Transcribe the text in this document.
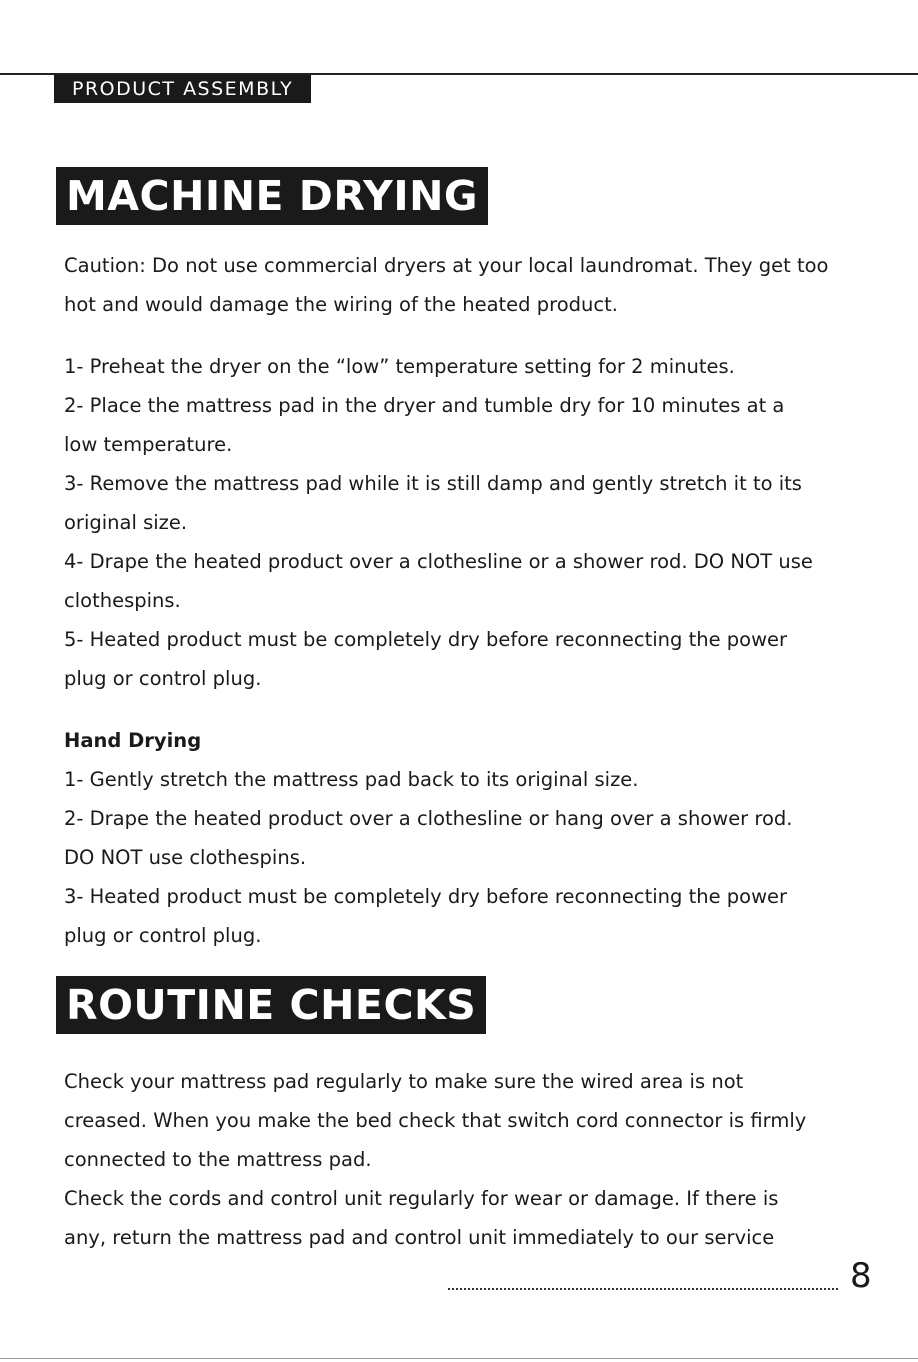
PRODUCT ASSEMBLY
MACHINE DRYING
Caution: Do not use commercial dryers at your local laundromat. They get too
hot and would damage the wiring of the heated product.
1- Preheat the dryer on the “low” temperature setting for 2 minutes.
2- Place the mattress pad in the dryer and tumble dry for 10 minutes at a
low temperature.
3- Remove the mattress pad while it is still damp and gently stretch it to its
original size.
4- Drape the heated product over a clothesline or a shower rod. DO NOT use
clothespins.
5- Heated product must be completely dry before reconnecting the power
plug or control plug.
Hand Drying
1- Gently stretch the mattress pad back to its original size.
2- Drape the heated product over a clothesline or hang over a shower rod.
DO NOT use clothespins.
3- Heated product must be completely dry before reconnecting the power
plug or control plug.
ROUTINE CHECKS
Check your mattress pad regularly to make sure the wired area is not
creased. When you make the bed check that switch cord connector is firmly
connected to the mattress pad.
Check the cords and control unit regularly for wear or damage. If there is
any, return the mattress pad and control unit immediately to our service
8
